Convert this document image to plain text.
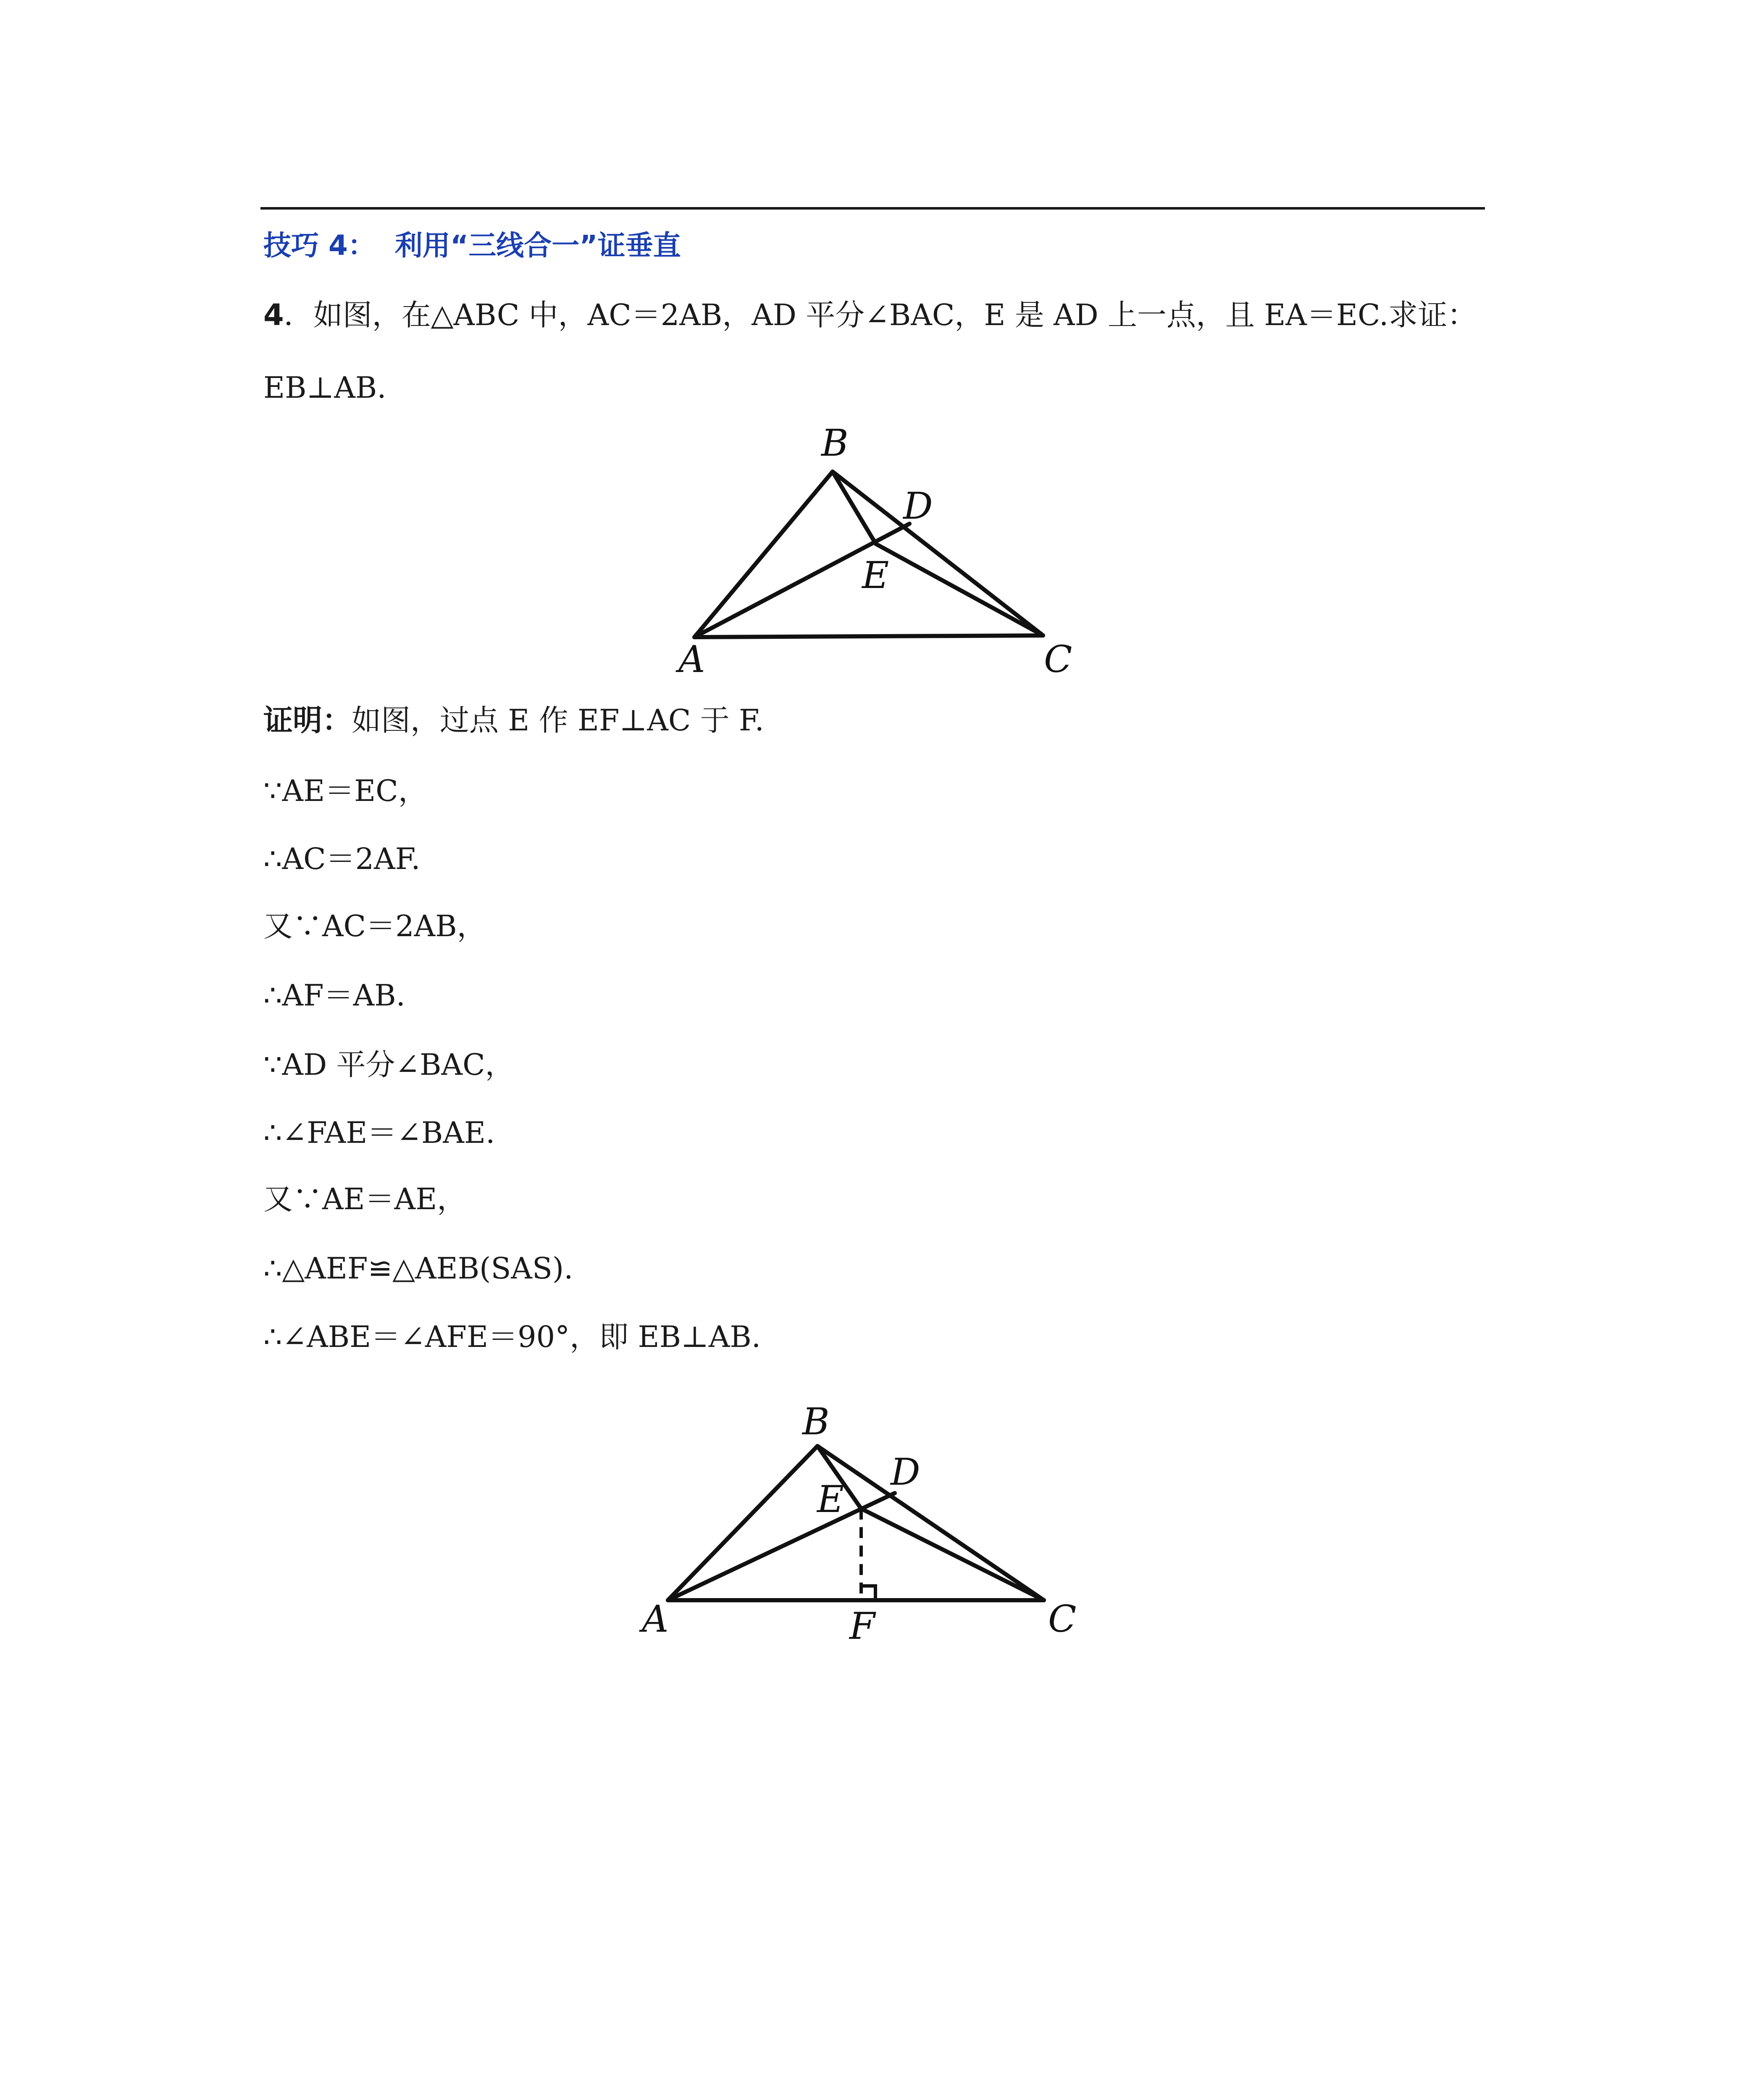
技巧 4：  利用“三线合一”证垂直
4．如图，在△ABC 中，AC＝2AB，AD 平分∠BAC，E 是 AD 上一点，且 EA＝EC.求证：
EB⊥AB.
B
D
E
A	C
证明：如图，过点 E 作 EF⊥AC 于 F.
∵AE＝EC，
∴AC＝2AF.
又∵AC＝2AB，
∴AF＝AB.
∵AD 平分∠BAC，
∴∠FAE＝∠BAE.
又∵AE＝AE，
∴△AEF≌△AEB(SAS).
∴∠ABE＝∠AFE＝90°，即 EB⊥AB.
B
D
E
A	F	C
